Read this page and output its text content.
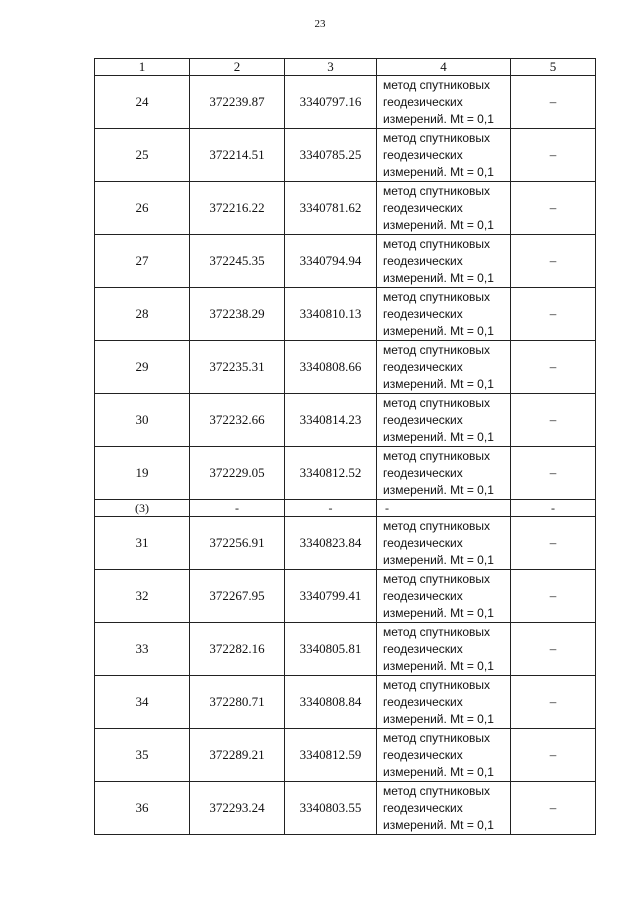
23
1	2	3	4	5
24	372239.87	3340797.16	метод спутниковых
геодезических
измерений. Mt = 0,1	–
25	372214.51	3340785.25	метод спутниковых
геодезических
измерений. Mt = 0,1	–
26	372216.22	3340781.62	метод спутниковых
геодезических
измерений. Mt = 0,1	–
27	372245.35	3340794.94	метод спутниковых
геодезических
измерений. Mt = 0,1	–
28	372238.29	3340810.13	метод спутниковых
геодезических
измерений. Mt = 0,1	–
29	372235.31	3340808.66	метод спутниковых
геодезических
измерений. Mt = 0,1	–
30	372232.66	3340814.23	метод спутниковых
геодезических
измерений. Mt = 0,1	–
19	372229.05	3340812.52	метод спутниковых
геодезических
измерений. Mt = 0,1	–
(3)	-	-	-	-
31	372256.91	3340823.84	метод спутниковых
геодезических
измерений. Mt = 0,1	–
32	372267.95	3340799.41	метод спутниковых
геодезических
измерений. Mt = 0,1	–
33	372282.16	3340805.81	метод спутниковых
геодезических
измерений. Mt = 0,1	–
34	372280.71	3340808.84	метод спутниковых
геодезических
измерений. Mt = 0,1	–
35	372289.21	3340812.59	метод спутниковых
геодезических
измерений. Mt = 0,1	–
36	372293.24	3340803.55	метод спутниковых
геодезических
измерений. Mt = 0,1	–
